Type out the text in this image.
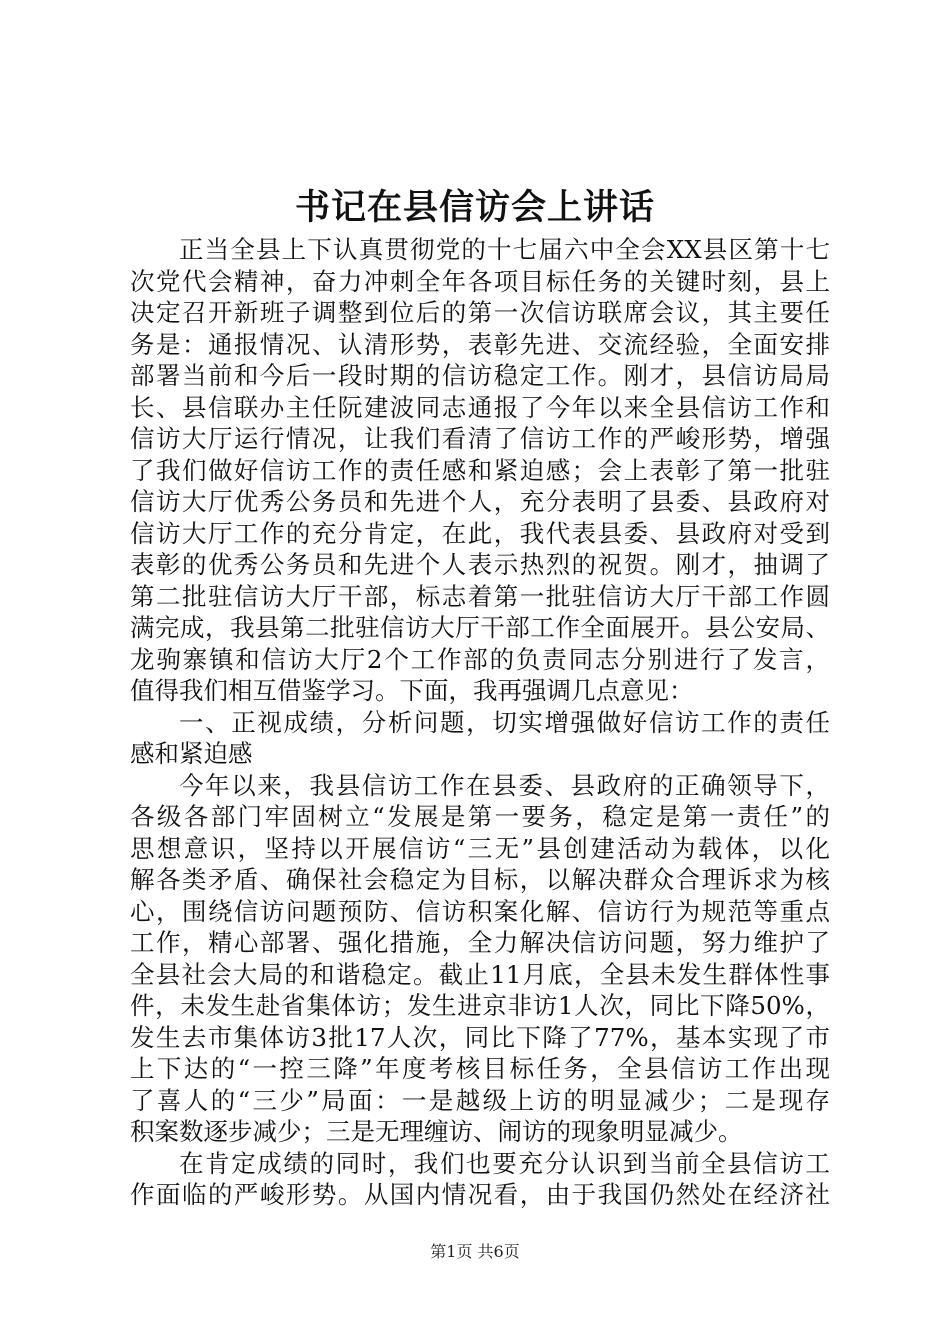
书记在县信访会上讲话
正当全县上下认真贯彻党的十七届六中全会XX县区第十七
次党代会精神，奋力冲刺全年各项目标任务的关键时刻，县上
决定召开新班子调整到位后的第一次信访联席会议，其主要任
务是：通报情况、认清形势，表彰先进、交流经验，全面安排
部署当前和今后一段时期的信访稳定工作。刚才，县信访局局
长、县信联办主任阮建波同志通报了今年以来全县信访工作和
信访大厅运行情况，让我们看清了信访工作的严峻形势，增强
了我们做好信访工作的责任感和紧迫感；会上表彰了第一批驻
信访大厅优秀公务员和先进个人，充分表明了县委、县政府对
信访大厅工作的充分肯定，在此，我代表县委、县政府对受到
表彰的优秀公务员和先进个人表示热烈的祝贺。刚才，抽调了
第二批驻信访大厅干部，标志着第一批驻信访大厅干部工作圆
满完成，我县第二批驻信访大厅干部工作全面展开。县公安局、
龙驹寨镇和信访大厅2个工作部的负责同志分别进行了发言，
值得我们相互借鉴学习。下面，我再强调几点意见：
一、正视成绩，分析问题，切实增强做好信访工作的责任
感和紧迫感
今年以来，我县信访工作在县委、县政府的正确领导下，
各级各部门牢固树立“发展是第一要务，稳定是第一责任”的
思想意识，坚持以开展信访“三无”县创建活动为载体，以化
解各类矛盾、确保社会稳定为目标，以解决群众合理诉求为核
心，围绕信访问题预防、信访积案化解、信访行为规范等重点
工作，精心部署、强化措施，全力解决信访问题，努力维护了
全县社会大局的和谐稳定。截止11月底，全县未发生群体性事
件，未发生赴省集体访；发生进京非访1人次，同比下降50%，
发生去市集体访3批17人次，同比下降了77%，基本实现了市
上下达的“一控三降”年度考核目标任务，全县信访工作出现
了喜人的“三少”局面：一是越级上访的明显减少；二是现存
积案数逐步减少；三是无理缠访、闹访的现象明显减少。
在肯定成绩的同时，我们也要充分认识到当前全县信访工
作面临的严峻形势。从国内情况看，由于我国仍然处在经济社
第1页 共6页
